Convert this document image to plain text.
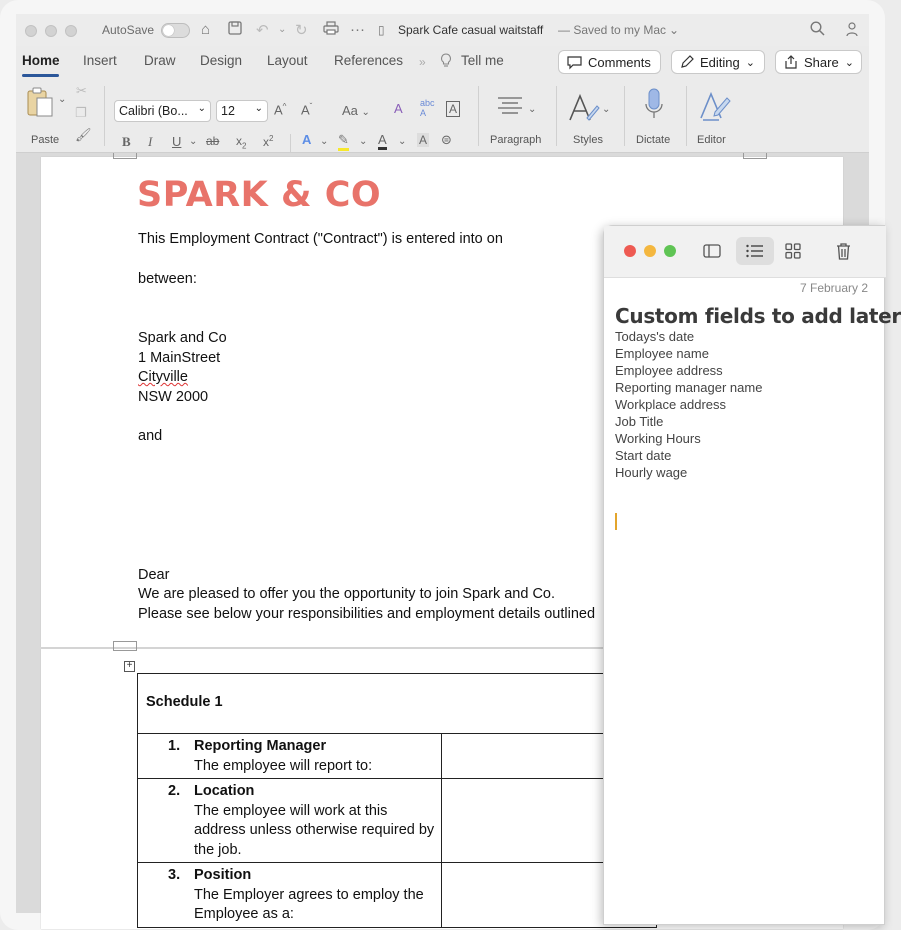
AutoSave	⌂	↶ ⌄ ↻	··· ▯ Spark Cafe casual waitstaff — Saved to my Mac ⌄
Home Insert Draw Design Layout References »	Tell me	Comments	Editing ⌄	Share ⌄
⌄
Paste
✂
❐
🖌
Calibri (Bo... ⌄	12 ⌄ A^ $A^ˇ$ Aa ⌄ A abc
A	A
B I U ⌄ ab $x_2$ $x^2$ A ⌄ ✎ ⌄ A ⌄ A ⊜
⌄
Paragraph
⌄
Styles	Dictate Editor
SPARK & CO
This Employment Contract ("Contract") is entered into on
between:
Spark and Co
1 MainStreet
Cityville
NSW 2000
and
Dear
We are pleased to offer you the opportunity to join Spark and Co.
Please see below your responsibilities and employment details outlined
+
Schedule 1	

1. Reporting Manager
The employee will report to:	

2. Location
The employee will work at this address unless otherwise required by the job.	

3. Position
The Employer agrees to employ the Employee as a:	

7 February 2
Custom fields to add later
Todays's date
Employee name
Employee address
Reporting manager name
Workplace address
Job Title
Working Hours
Start date
Hourly wage
